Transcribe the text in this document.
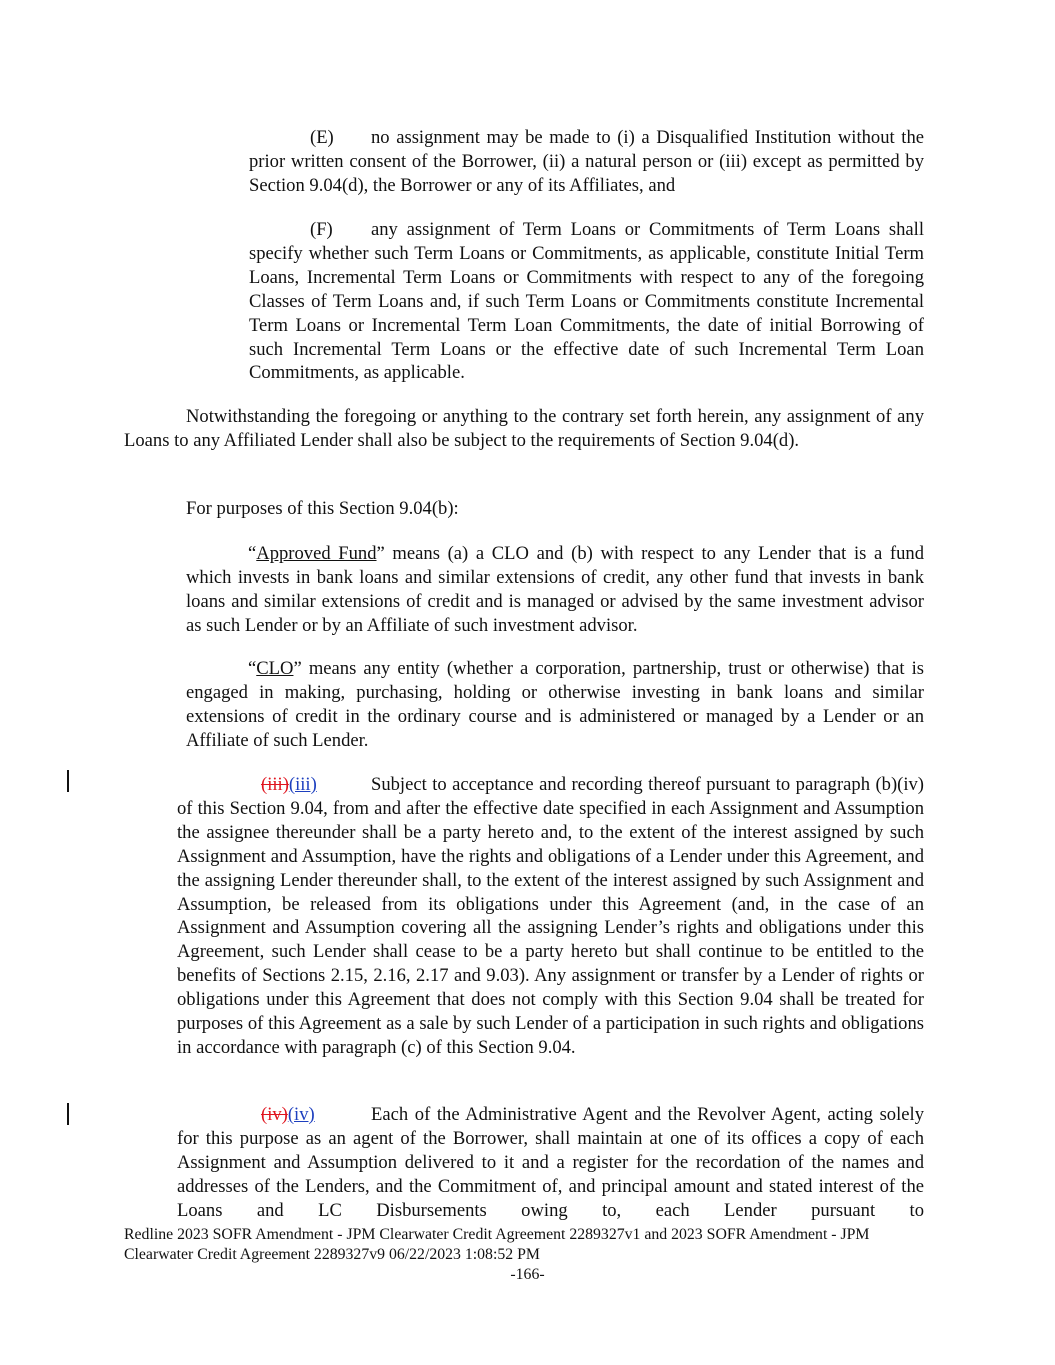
(E) no assignment may be made to (i) a Disqualified Institution without the prior written consent of the Borrower, (ii) a natural person or (iii) except as permitted by Section 9.04(d), the Borrower or any of its Affiliates, and

(F) any assignment of Term Loans or Commitments of Term Loans shall specify whether such Term Loans or Commitments, as applicable, constitute Initial Term Loans, Incremental Term Loans or Commitments with respect to any of the foregoing Classes of Term Loans and, if such Term Loans or Commitments constitute Incremental Term Loans or Incremental Term Loan Commitments, the date of initial Borrowing of such Incremental Term Loans or the effective date of such Incremental Term Loan Commitments, as applicable.

Notwithstanding the foregoing or anything to the contrary set forth herein, any assignment of any Loans to any Affiliated Lender shall also be subject to the requirements of Section 9.04(d).

For purposes of this Section 9.04(b):

“Approved Fund” means (a) a CLO and (b) with respect to any Lender that is a fund which invests in bank loans and similar extensions of credit, any other fund that invests in bank loans and similar extensions of credit and is managed or advised by the same investment advisor as such Lender or by an Affiliate of such investment advisor.

“CLO” means any entity (whether a corporation, partnership, trust or otherwise) that is engaged in making, purchasing, holding or otherwise investing in bank loans and similar extensions of credit in the ordinary course and is administered or managed by a Lender or an Affiliate of such Lender.

(iii)(iii)	Subject to acceptance and recording thereof pursuant to paragraph (b)(iv) of this Section 9.04, from and after the effective date specified in each Assignment and Assumption the assignee thereunder shall be a party hereto and, to the extent of the interest assigned by such Assignment and Assumption, have the rights and obligations of a Lender under this Agreement, and the assigning Lender thereunder shall, to the extent of the interest assigned by such Assignment and Assumption, be released from its obligations under this Agreement (and, in the case of an Assignment and Assumption covering all the assigning Lender’s rights and obligations under this Agreement, such Lender shall cease to be a party hereto but shall continue to be entitled to the benefits of Sections 2.15, 2.16, 2.17 and 9.03). Any assignment or transfer by a Lender of rights or obligations under this Agreement that does not comply with this Section 9.04 shall be treated for purposes of this Agreement as a sale by such Lender of a participation in such rights and obligations in accordance with paragraph (c) of this Section 9.04.

(iv)(iv)	Each of the Administrative Agent and the Revolver Agent, acting solely for this purpose as an agent of the Borrower, shall maintain at one of its offices a copy of each Assignment and Assumption delivered to it and a register for the recordation of the names and addresses of the Lenders, and the Commitment of, and principal amount and stated interest of the Loans and LC Disbursements owing to, each Lender pursuant to

Redline 2023 SOFR Amendment - JPM Clearwater Credit Agreement 2289327v1 and 2023 SOFR Amendment - JPM Clearwater Credit Agreement 2289327v9 06/22/2023 1:08:52 PM
-166-
